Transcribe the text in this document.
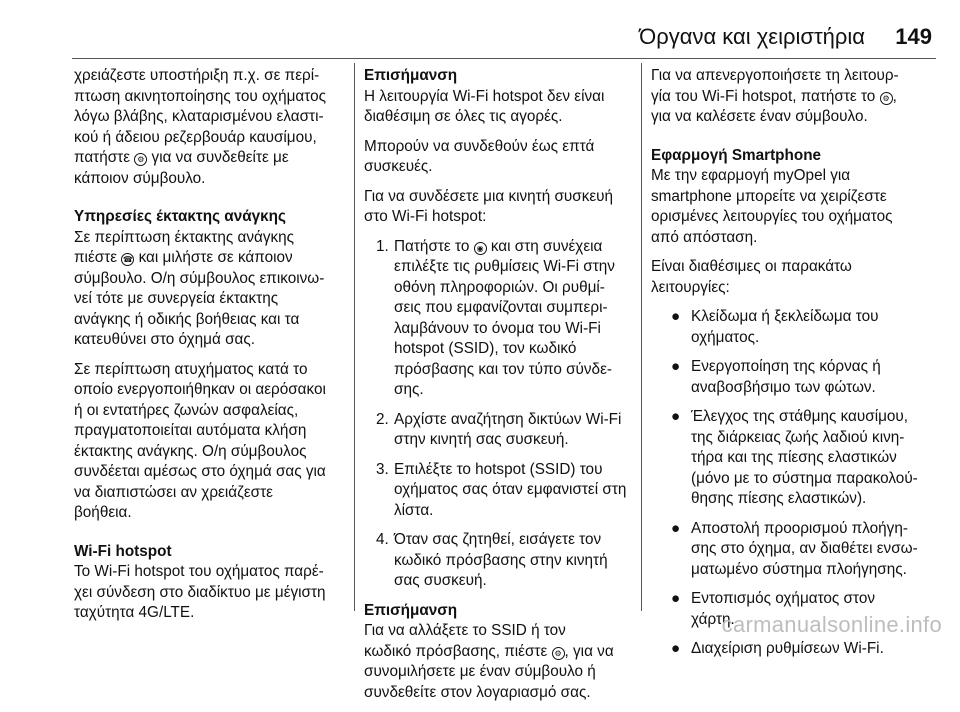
Όργανα και χειριστήρια 149

χρειάζεστε υποστήριξη π.χ. σε περί‐
πτωση ακινητοποίησης του οχήματος
λόγω βλάβης, κλαταρισμένου ελαστι‐
κού ή άδειου ρεζερβουάρ καυσίμου,
πατήστε ⚙ για να συνδεθείτε με
κάποιον σύμβουλο.

Υπηρεσίες έκτακτης ανάγκης

Σε περίπτωση έκτακτης ανάγκης
πιέστε ☎ και μιλήστε σε κάποιον
σύμβουλο. Ο/η σύμβουλος επικοινω‐
νεί τότε με συνεργεία έκτακτης
ανάγκης ή οδικής βοήθειας και τα
κατευθύνει στο όχημά σας.

Σε περίπτωση ατυχήματος κατά το
οποίο ενεργοποιήθηκαν οι αερόσακοι
ή οι εντατήρες ζωνών ασφαλείας,
πραγματοποιείται αυτόματα κλήση
έκτακτης ανάγκης. Ο/η σύμβουλος
συνδέεται αμέσως στο όχημά σας για
να διαπιστώσει αν χρειάζεστε
βοήθεια.

Wi-Fi hotspot

Το Wi-Fi hotspot του οχήματος παρέ‐
χει σύνδεση στο διαδίκτυο με μέγιστη
ταχύτητα 4G/LTE.

Επισήμανση

Η λειτουργία Wi-Fi hotspot δεν είναι
διαθέσιμη σε όλες τις αγορές.

Μπορούν να συνδεθούν έως επτά
συσκευές.

Για να συνδέσετε μια κινητή συσκευή
στο Wi-Fi hotspot:

1. Πατήστε το ◉ και στη συνέχεια
επιλέξτε τις ρυθμίσεις Wi-Fi στην
οθόνη πληροφοριών. Οι ρυθμί‐
σεις που εμφανίζονται συμπερι‐
λαμβάνουν το όνομα του Wi-Fi
hotspot (SSID), τον κωδικό
πρόσβασης και τον τύπο σύνδε‐
σης.
2. Αρχίστε αναζήτηση δικτύων Wi-Fi
στην κινητή σας συσκευή.
3. Επιλέξτε το hotspot (SSID) του
οχήματος σας όταν εμφανιστεί στη
λίστα.
4. Όταν σας ζητηθεί, εισάγετε τον
κωδικό πρόσβασης στην κινητή
σας συσκευή.
Επισήμανση

Για να αλλάξετε το SSID ή τον
κωδικό πρόσβασης, πιέστε ⚙ , για να
συνομιλήσετε με έναν σύμβουλο ή
συνδεθείτε στον λογαριασμό σας.

Για να απενεργοποιήσετε τη λειτουρ‐
γία του Wi-Fi hotspot, πατήστε το ⚙ ,
για να καλέσετε έναν σύμβουλο.

Εφαρμογή Smartphone

Με την εφαρμογή myOpel για
smartphone μπορείτε να χειρίζεστε
ορισμένες λειτουργίες του οχήματος
από απόσταση.

Είναι διαθέσιμες οι παρακάτω
λειτουργίες:

● Κλείδωμα ή ξεκλείδωμα του
οχήματος.
● Ενεργοποίηση της κόρνας ή
αναβοσβήσιμο των φώτων.
● Έλεγχος της στάθμης καυσίμου,
της διάρκειας ζωής λαδιού κινη‐
τήρα και της πίεσης ελαστικών
(μόνο με το σύστημα παρακολού‐
θησης πίεσης ελαστικών).
● Αποστολή προορισμού πλοήγη‐
σης στο όχημα, αν διαθέτει ενσω‐
ματωμένο σύστημα πλοήγησης.
● Εντοπισμός οχήματος στον
χάρτη.
● Διαχείριση ρυθμίσεων Wi-Fi.
carmanualsonline.info
